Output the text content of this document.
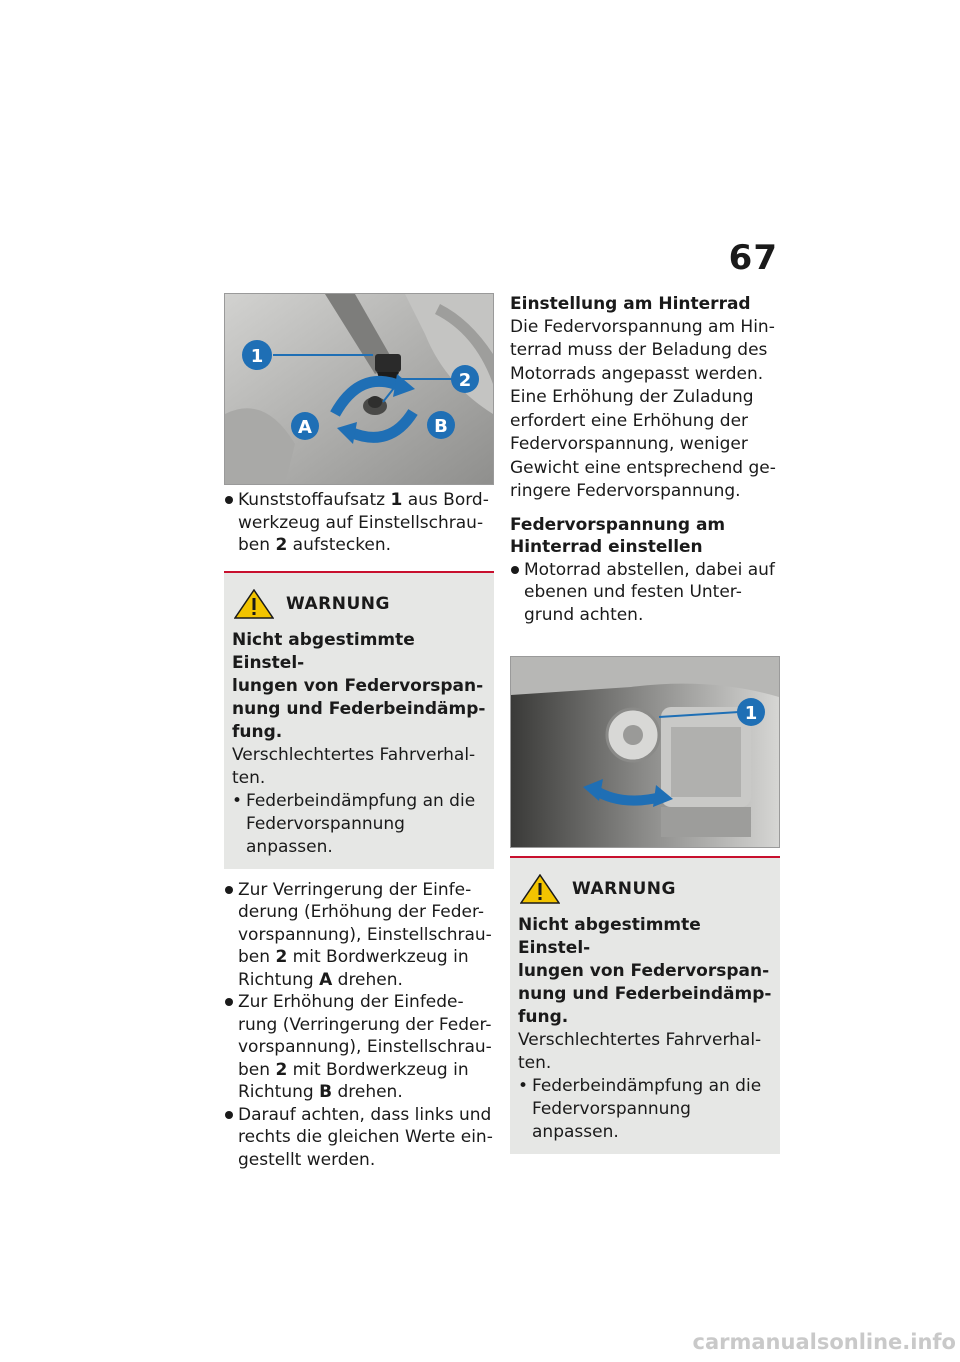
67
1
2
A	B

Kunststoffaufsatz 1 aus Bord-
werkzeug auf Einstellschrau-
ben 2 aufstecken.

WARNUNG

Nicht abgestimmte Einstel-
lungen von Federvorspan-
nung und Federbeindämp-
fung.

Verschlechtertes Fahrverhal-
ten.

• Federbeindämpfung an die
Federvorspannung anpassen.

Zur Verringerung der Einfe-
derung (Erhöhung der Feder-
vorspannung), Einstellschrau-
ben 2 mit Bordwerkzeug in
Richtung A drehen.

Zur Erhöhung der Einfede-
rung (Verringerung der Feder-
vorspannung), Einstellschrau-
ben 2 mit Bordwerkzeug in
Richtung B drehen.

Darauf achten, dass links und
rechts die gleichen Werte ein-
gestellt werden.

Einstellung am Hinterrad

Die Federvorspannung am Hin-
terrad muss der Beladung des
Motorrads angepasst werden.
Eine Erhöhung der Zuladung
erfordert eine Erhöhung der
Federvorspannung, weniger
Gewicht eine entsprechend ge-
ringere Federvorspannung.

Federvorspannung am
Hinterrad einstellen

Motorrad abstellen, dabei auf
ebenen und festen Unter-
grund achten.

1
WARNUNG

Nicht abgestimmte Einstel-
lungen von Federvorspan-
nung und Federbeindämp-
fung.

Verschlechtertes Fahrverhal-
ten.

• Federbeindämpfung an die
Federvorspannung anpassen.

carmanualsonline.info
